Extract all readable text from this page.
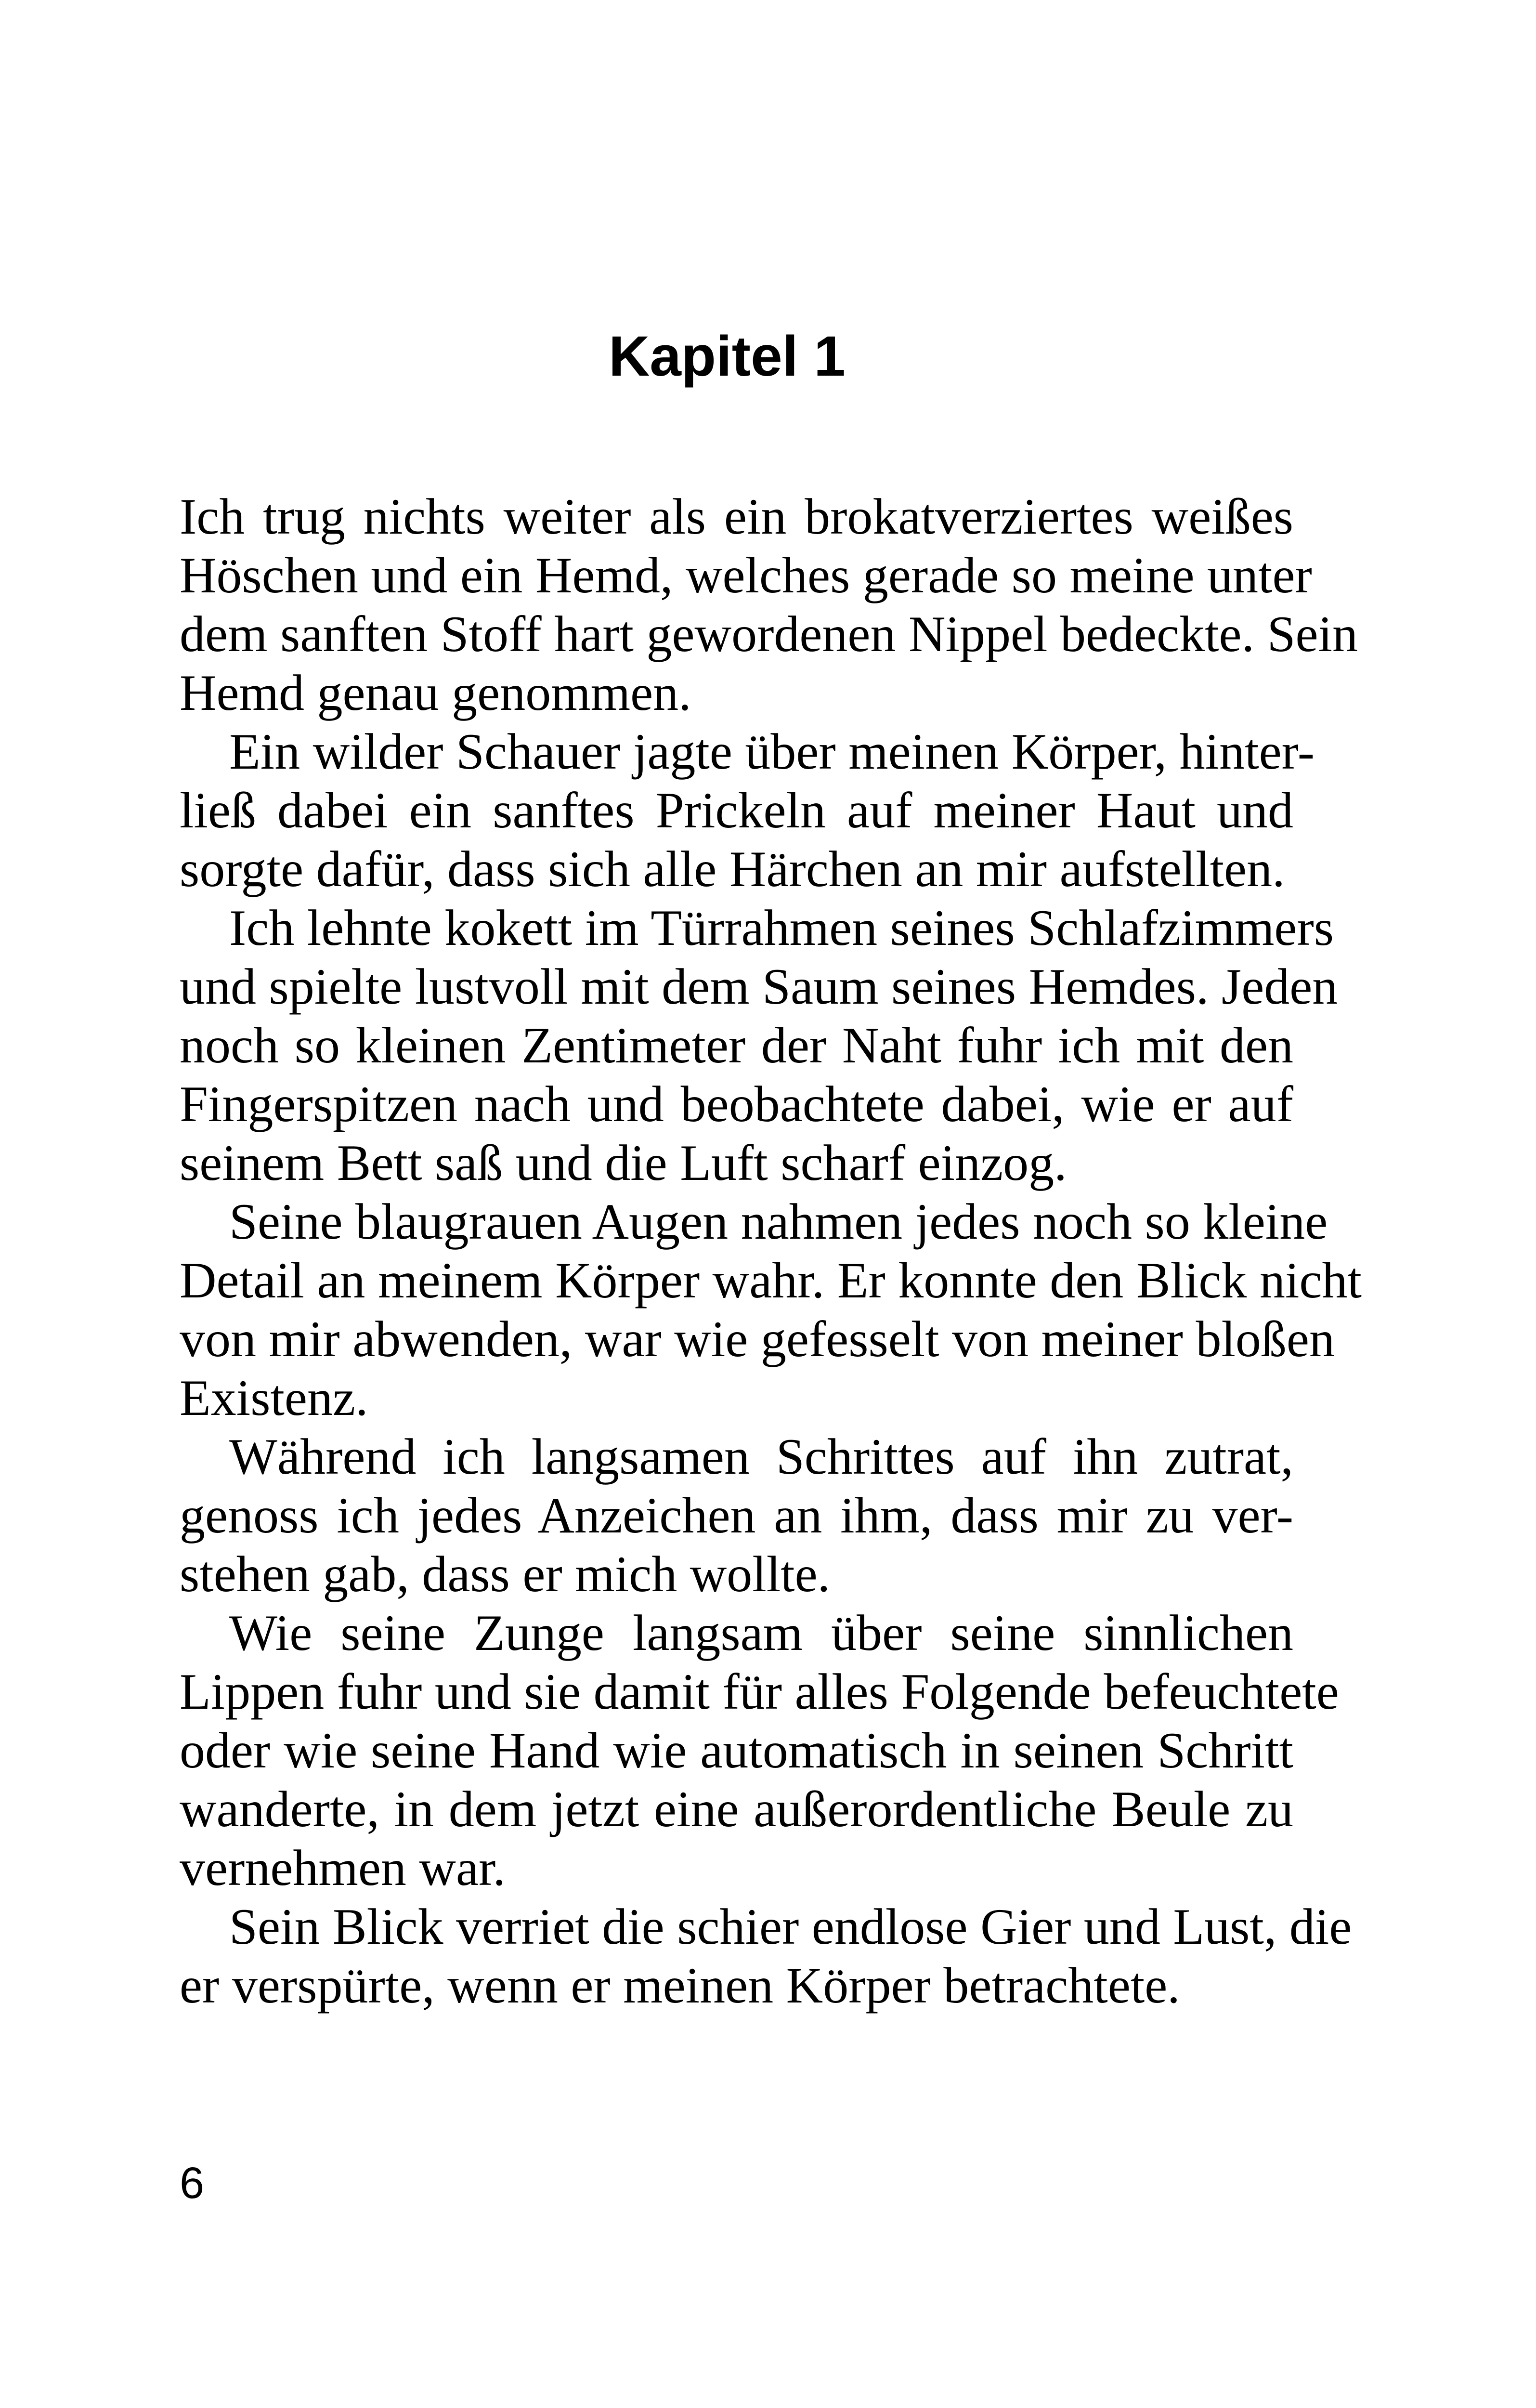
Kapitel 1
Ich trug nichts weiter als ein brokatverziertes weißes
Höschen und ein Hemd, welches gerade so meine unter
dem sanften Stoff hart gewordenen Nippel bedeckte. Sein
Hemd genau genommen.
Ein wilder Schauer jagte über meinen Körper, hinter-
ließ dabei ein sanftes Prickeln auf meiner Haut und
sorgte dafür, dass sich alle Härchen an mir aufstellten.
Ich lehnte kokett im Türrahmen seines Schlafzimmers
und spielte lustvoll mit dem Saum seines Hemdes. Jeden
noch so kleinen Zentimeter der Naht fuhr ich mit den
Fingerspitzen nach und beobachtete dabei, wie er auf
seinem Bett saß und die Luft scharf einzog.
Seine blaugrauen Augen nahmen jedes noch so kleine
Detail an meinem Körper wahr. Er konnte den Blick nicht
von mir abwenden, war wie gefesselt von meiner bloßen
Existenz.
Während ich langsamen Schrittes auf ihn zutrat,
genoss ich jedes Anzeichen an ihm, dass mir zu ver-
stehen gab, dass er mich wollte.
Wie seine Zunge langsam über seine sinnlichen
Lippen fuhr und sie damit für alles Folgende befeuchtete
oder wie seine Hand wie automatisch in seinen Schritt
wanderte, in dem jetzt eine außerordentliche Beule zu
vernehmen war.
Sein Blick verriet die schier endlose Gier und Lust, die
er verspürte, wenn er meinen Körper betrachtete.
6
